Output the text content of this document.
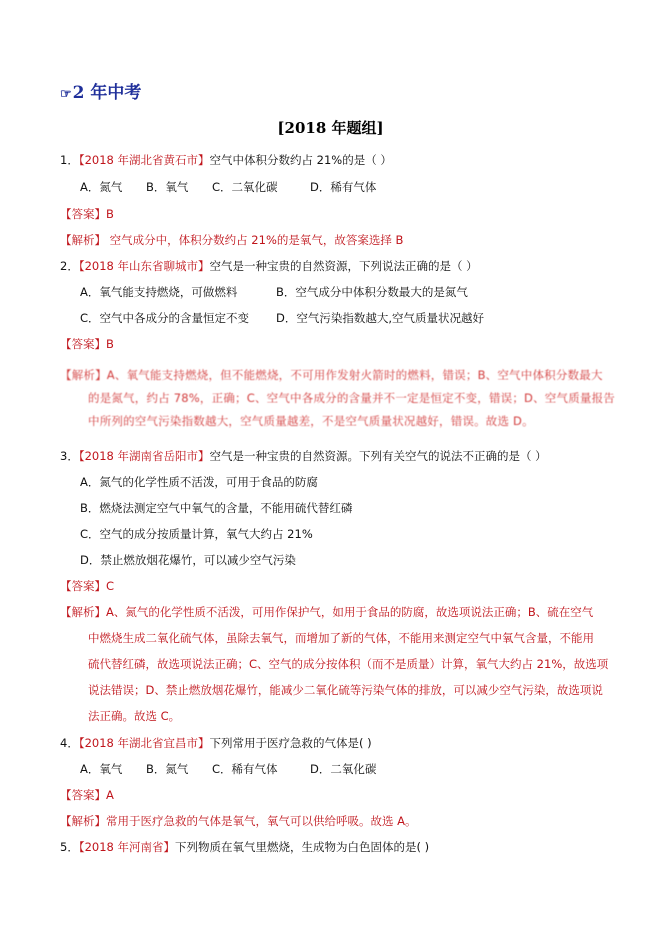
☞2 年中考
[2018 年题组]
1．【2018 年湖北省黄石市】空气中体积分数约占 21%的是（ ）
A．氮气 B．氧气 C．二氧化碳	D．稀有气体
【答案】B
【解析】 空气成分中，体积分数约占 21%的是氧气，故答案选择 B
2．【2018 年山东省聊城市】空气是一种宝贵的自然资源，下列说法正确的是（ ）
A．氧气能支持燃烧，可做燃料	B．空气成分中体积分数最大的是氮气
C．空气中各成分的含量恒定不变 D．空气污染指数越大,空气质量状况越好
【答案】B
【解析】A、氧气能支持燃烧，但不能燃烧，不可用作发射火箭时的燃料，错误；B、空气中体积分数最大
的是氮气，约占 78%，正确；C、空气中各成分的含量并不一定是恒定不变，错误；D、空气质量报告
中所列的空气污染指数越大，空气质量越差，不是空气质量状况越好，错误。故选 D。
3．【2018 年湖南省岳阳市】空气是一种宝贵的自然资源。下列有关空气的说法不正确的是（ ）
A．氮气的化学性质不活泼，可用于食品的防腐
B．燃烧法测定空气中氧气的含量，不能用硫代替红磷
C．空气的成分按质量计算，氧气大约占 21%
D．禁止燃放烟花爆竹，可以减少空气污染
【答案】C
【解析】A、氮气的化学性质不活泼，可用作保护气，如用于食品的防腐，故选项说法正确；B、硫在空气
中燃烧生成二氧化硫气体，虽除去氧气，而增加了新的气体，不能用来测定空气中氧气含量，不能用
硫代替红磷，故选项说法正确；C、空气的成分按体积（而不是质量）计算，氧气大约占 21%，故选项
说法错误；D、禁止燃放烟花爆竹，能减少二氧化硫等污染气体的排放，可以减少空气污染，故选项说
法正确。故选 C。
4．【2018 年湖北省宜昌市】下列常用于医疗急救的气体是( )
A．氧气 B．氮气 C．稀有气体	D．二氧化碳
【答案】A
【解析】常用于医疗急救的气体是氧气，氧气可以供给呼吸。故选 A。
5．【2018 年河南省】下列物质在氧气里燃烧，生成物为白色固体的是( )
